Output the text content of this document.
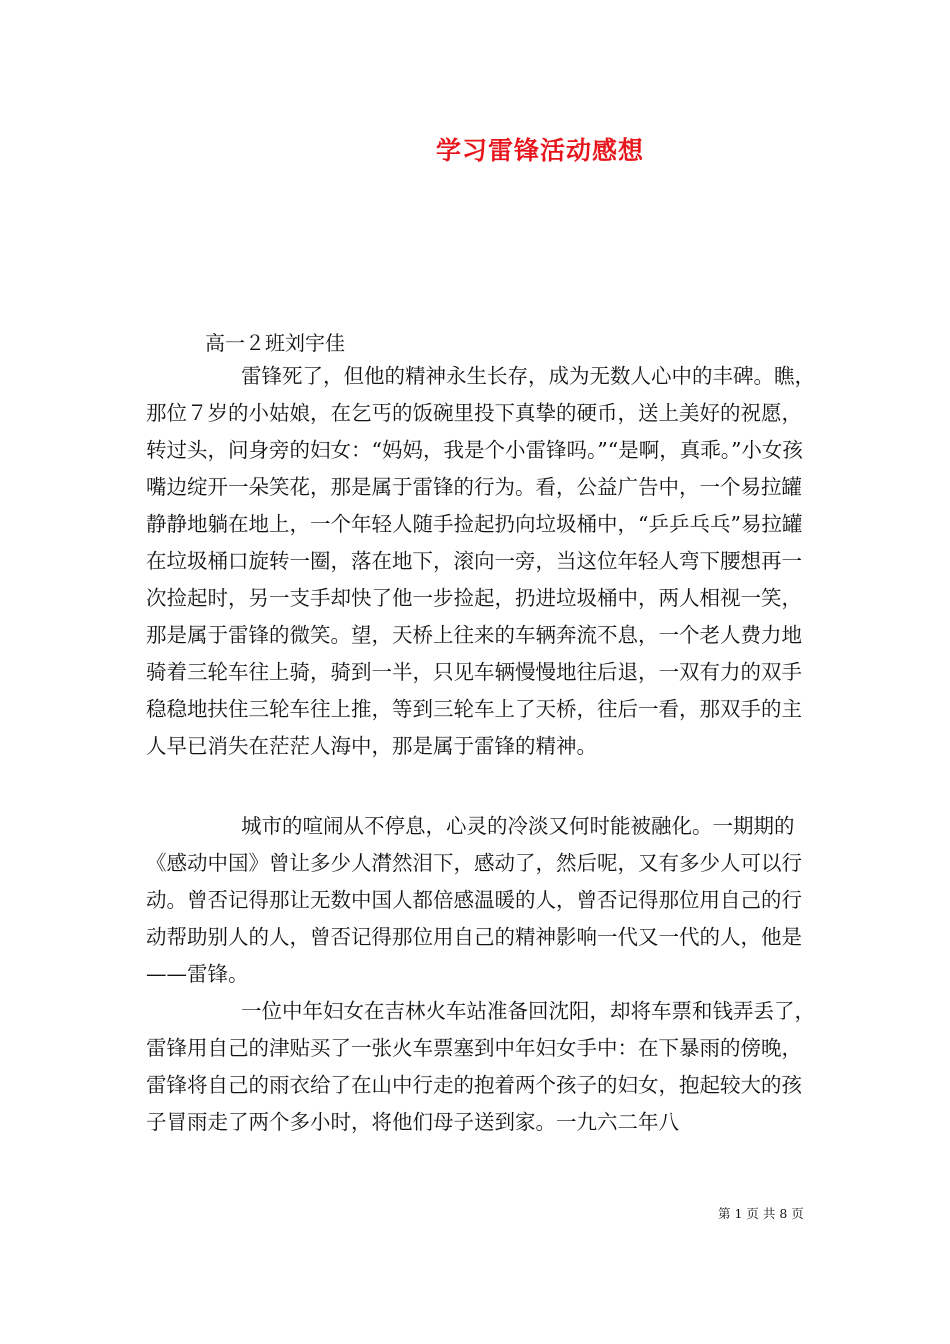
学习雷锋活动感想
高一２班刘宇佳

雷锋死了，但他的精神永生长存，成为无数人心中的丰碑。瞧，那位７岁的小姑娘，在乞丐的饭碗里投下真挚的硬币，送上美好的祝愿，转过头，问身旁的妇女：“妈妈，我是个小雷锋吗。”“是啊，真乖。”小女孩嘴边绽开一朵笑花，那是属于雷锋的行为。看，公益广告中，一个易拉罐静静地躺在地上，一个年轻人随手捡起扔向垃圾桶中，“乒乒乓乓”易拉罐在垃圾桶口旋转一圈，落在地下，滚向一旁，当这位年轻人弯下腰想再一次捡起时，另一支手却快了他一步捡起，扔进垃圾桶中，两人相视一笑，那是属于雷锋的微笑。望，天桥上往来的车辆奔流不息，一个老人费力地骑着三轮车往上骑，骑到一半，只见车辆慢慢地往后退，一双有力的双手稳稳地扶住三轮车往上推，等到三轮车上了天桥，往后一看，那双手的主人早已消失在茫茫人海中，那是属于雷锋的精神。

城市的喧闹从不停息，心灵的冷淡又何时能被融化。一期期的《感动中国》曾让多少人潸然泪下，感动了，然后呢，又有多少人可以行动。曾否记得那让无数中国人都倍感温暖的人，曾否记得那位用自己的行动帮助别人的人，曾否记得那位用自己的精神影响一代又一代的人，他是——雷锋。

一位中年妇女在吉林火车站准备回沈阳，却将车票和钱弄丢了，雷锋用自己的津贴买了一张火车票塞到中年妇女手中：在下暴雨的傍晚，雷锋将自己的雨衣给了在山中行走的抱着两个孩子的妇女，抱起较大的孩子冒雨走了两个多小时，将他们母子送到家。一九六二年八

第 1 页 共 8 页
